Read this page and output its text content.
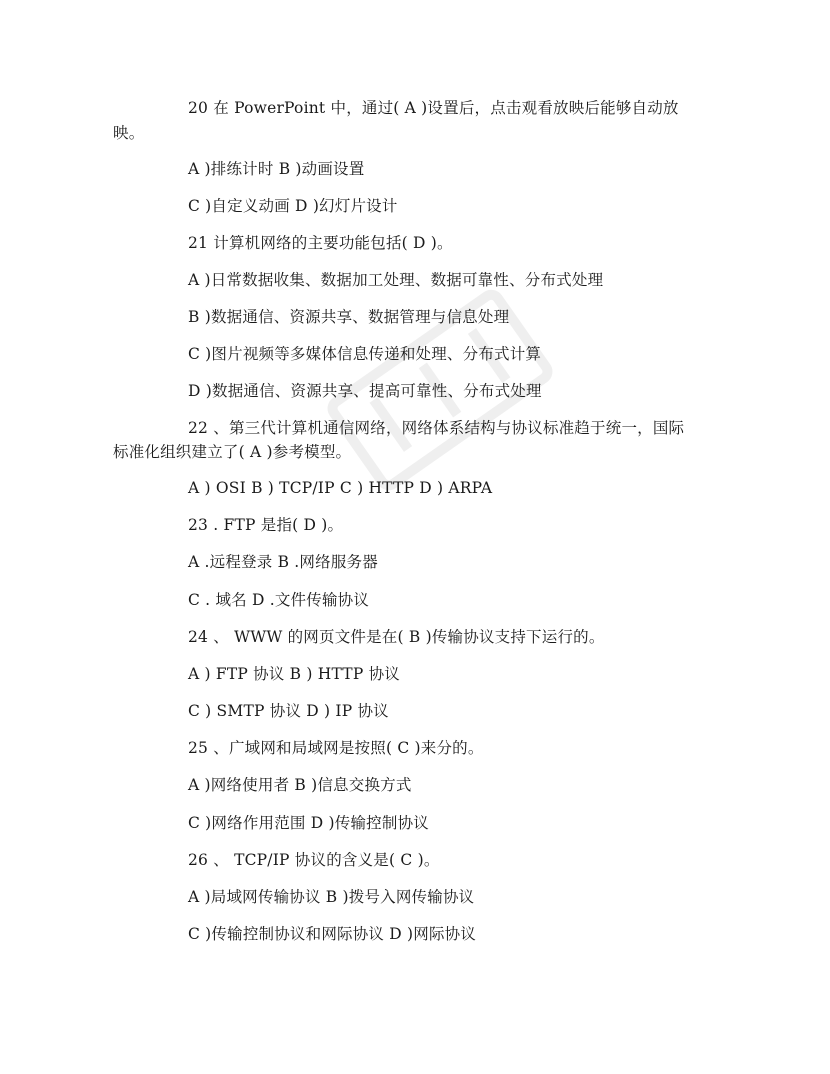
20 在 PowerPoint 中，通过( A )设置后，点击观看放映后能够自动放
映。
A )排练计时 B )动画设置
C )自定义动画 D )幻灯片设计
21 计算机网络的主要功能包括( D )。
A )日常数据收集、数据加工处理、数据可靠性、分布式处理
B )数据通信、资源共享、数据管理与信息处理
C )图片视频等多媒体信息传递和处理、分布式计算
D )数据通信、资源共享、提高可靠性、分布式处理
22 、第三代计算机通信网络，网络体系结构与协议标准趋于统一，国际
标准化组织建立了( A )参考模型。
A ) OSI B ) TCP/IP C ) HTTP D ) ARPA
23 . FTP 是指( D )。
A .远程登录 B .网络服务器
C . 域名 D .文件传输协议
24 、 WWW 的网页文件是在( B )传输协议支持下运行的。
A ) FTP 协议 B ) HTTP 协议
C ) SMTP 协议 D ) IP 协议
25 、广域网和局域网是按照( C )来分的。
A )网络使用者 B )信息交换方式
C )网络作用范围 D )传输控制协议
26 、 TCP/IP 协议的含义是( C )。
A )局域网传输协议 B )拨号入网传输协议
C )传输控制协议和网际协议 D )网际协议
